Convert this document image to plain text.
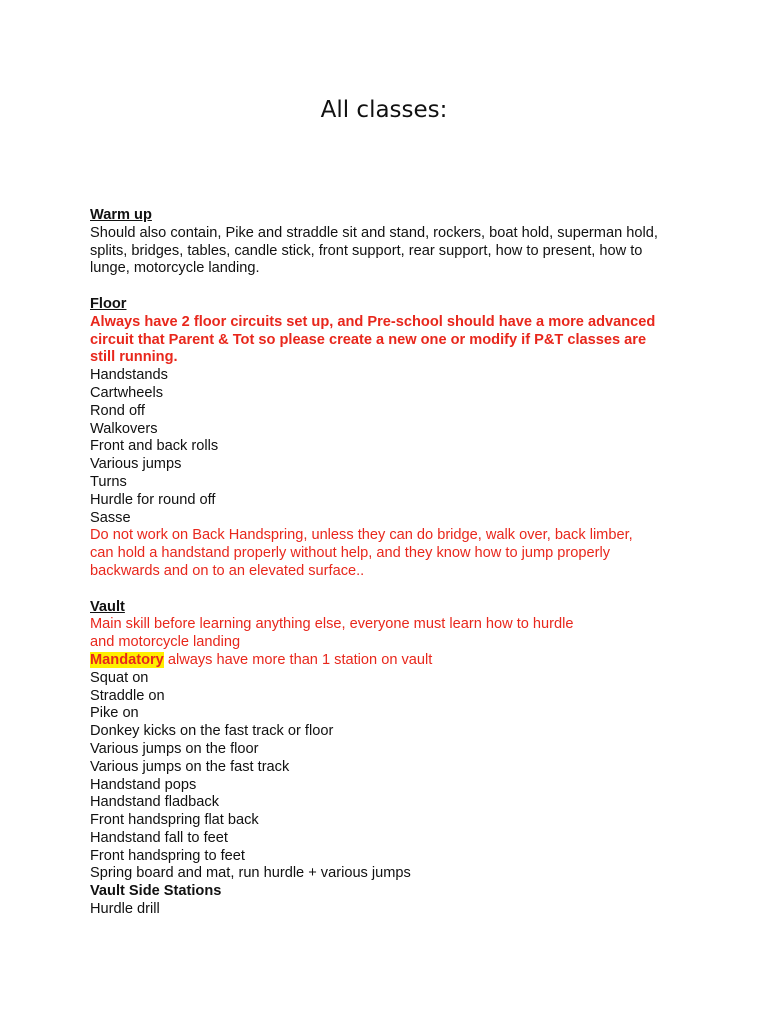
All classes:
Warm up
Should also contain, Pike and straddle sit and stand, rockers, boat hold, superman hold,
splits, bridges, tables, candle stick, front support, rear support, how to present, how to
lunge, motorcycle landing.
Floor
Always have 2 floor circuits set up, and Pre-school should have a more advanced
circuit that Parent & Tot so please create a new one or modify if P&T classes are
still running.
Handstands
Cartwheels
Rond off
Walkovers
Front and back rolls
Various jumps
Turns
Hurdle for round off
Sasse
Do not work on Back Handspring, unless they can do bridge, walk over, back limber,
can hold a handstand properly without help, and they know how to jump properly
backwards and on to an elevated surface..
Vault
Main skill before learning anything else, everyone must learn how to hurdle
and motorcycle landing
Mandatory always have more than 1 station on vault
Squat on
Straddle on
Pike on
Donkey kicks on the fast track or floor
Various jumps on the floor
Various jumps on the fast track
Handstand pops
Handstand fladback
Front handspring flat back
Handstand fall to feet
Front handspring to feet
Spring board and mat, run hurdle + various jumps
Vault Side Stations
Hurdle drill
